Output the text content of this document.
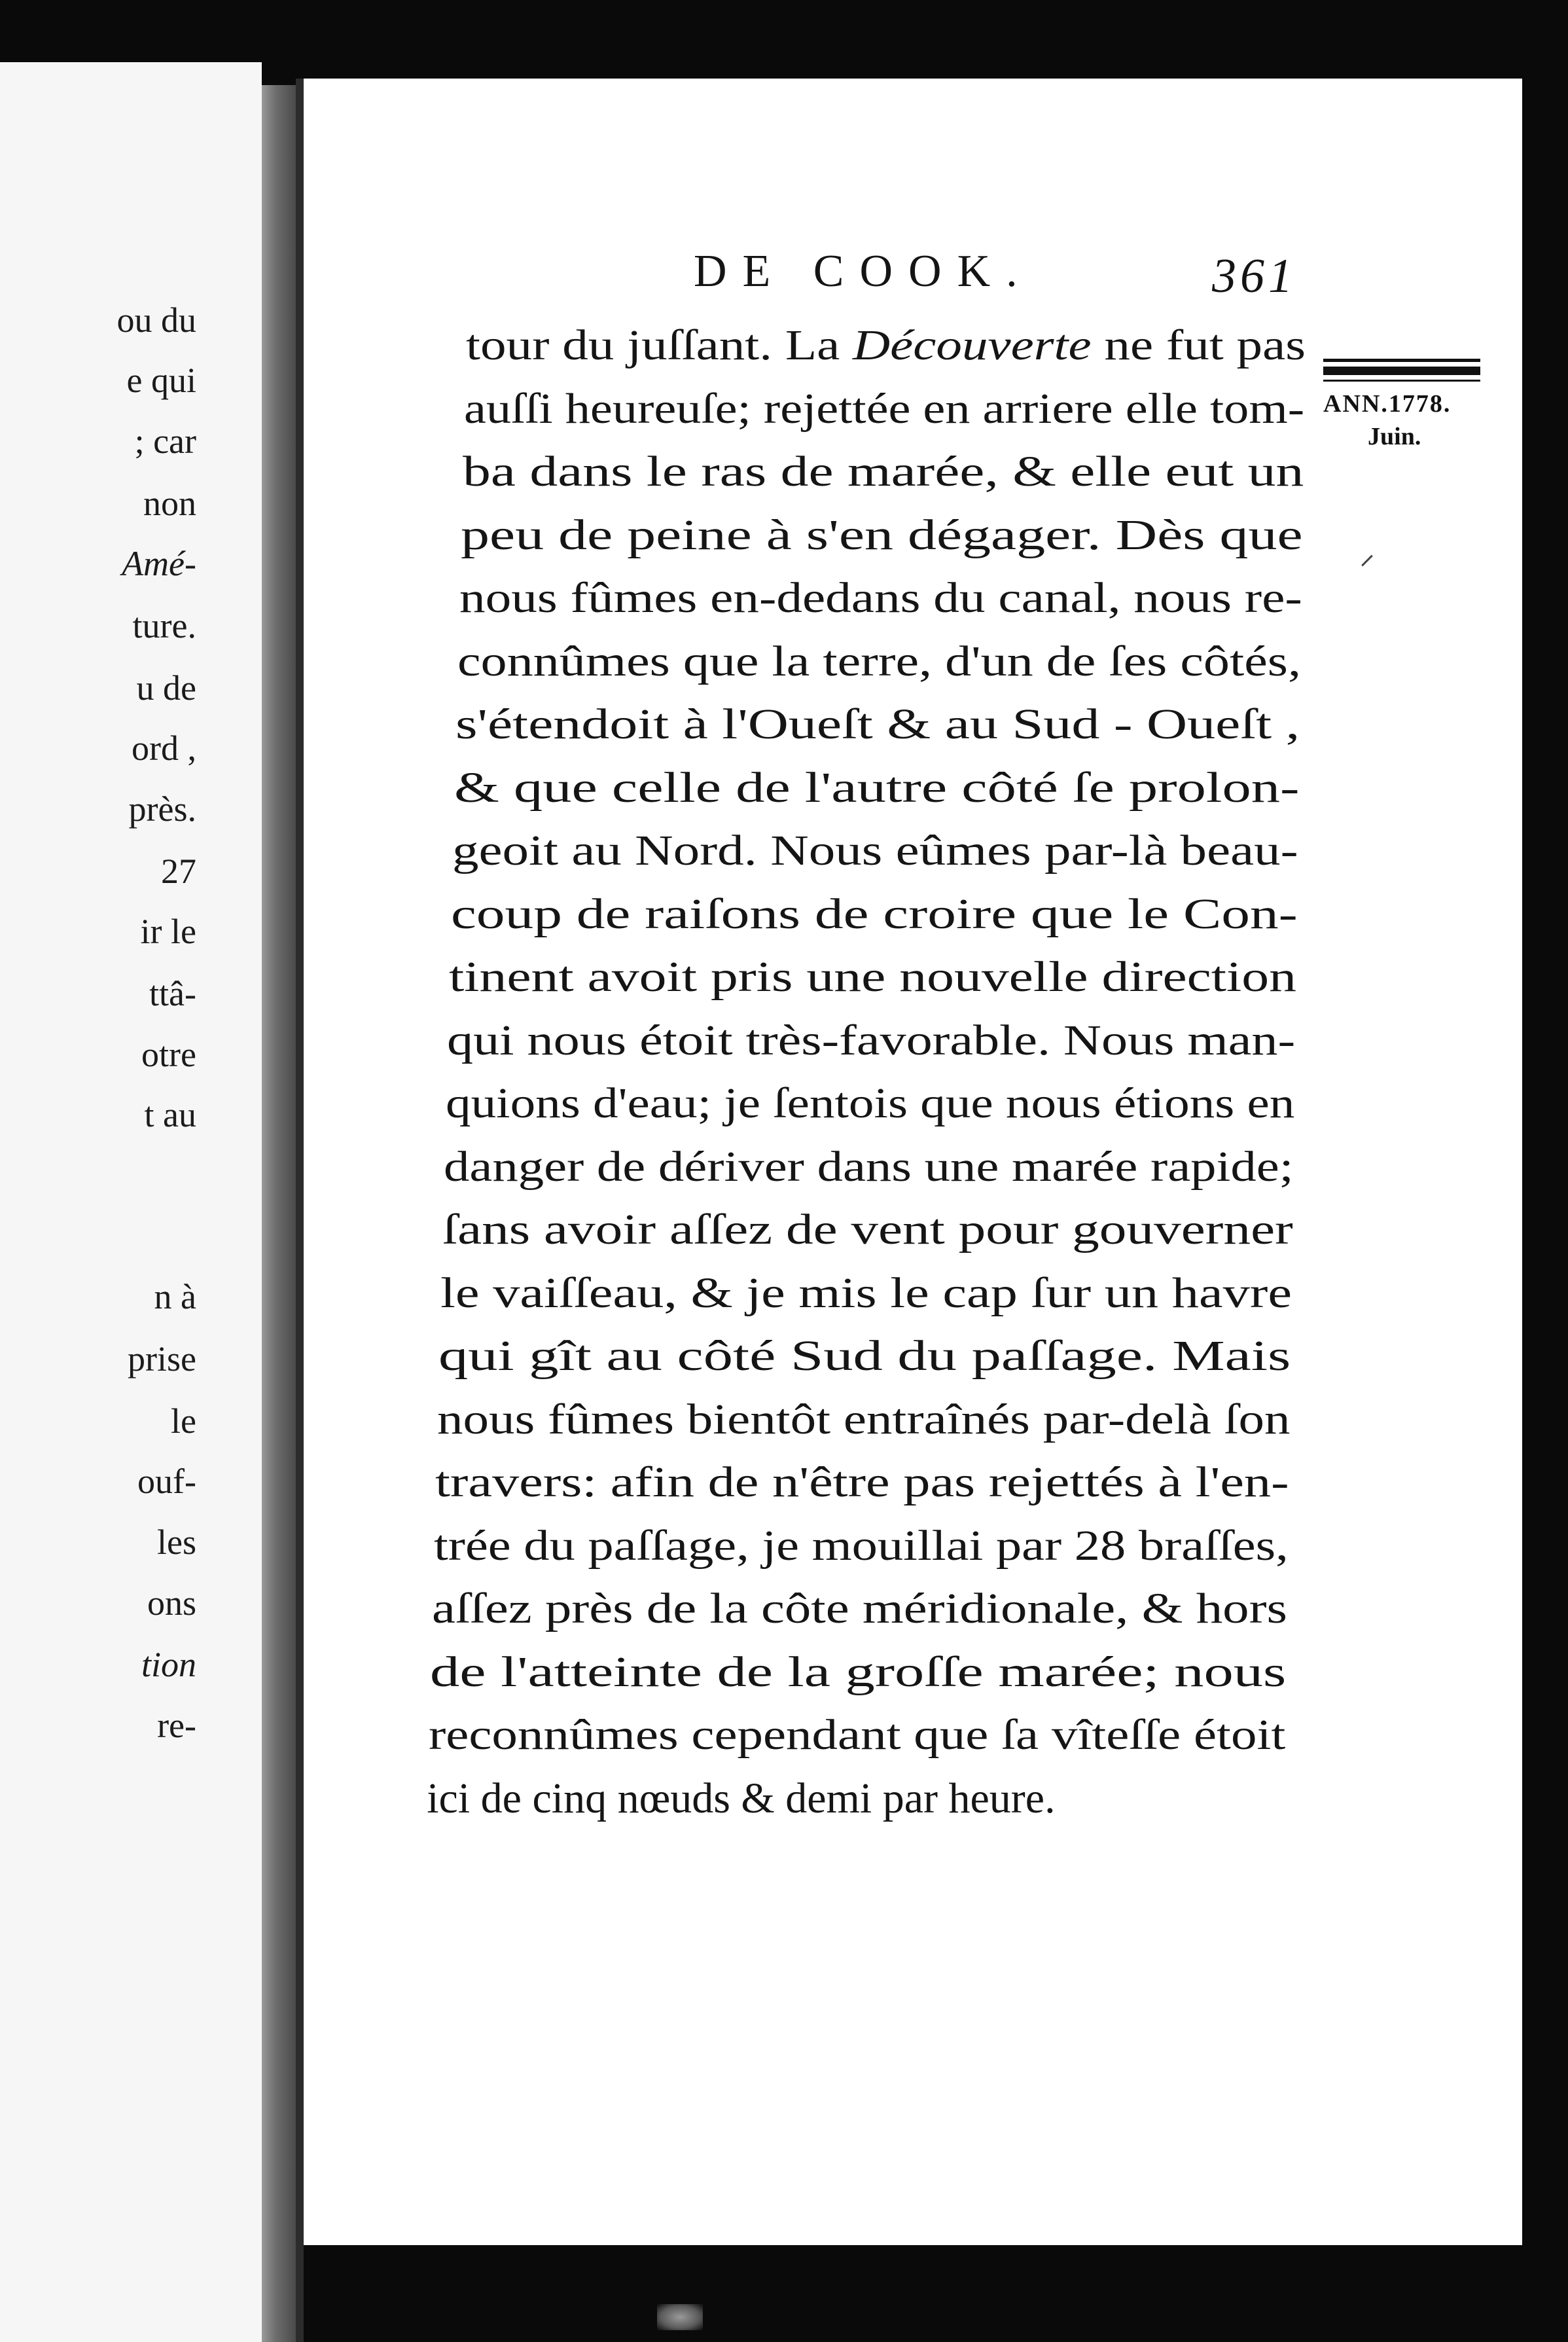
ou du
e qui
; car
non
Amé-
ture.
u de
ord ,
près.
27
ir le
ttâ-
otre
t au
n à
prise
le
ouf-
les
ons
tion
re-
DE COOK.	361
ANN.1778.
Juin.
tour du juſſant. La Découverte ne fut pas
auſſi heureuſe; rejettée en arriere elle tom-
ba dans le ras de marée, & elle eut un
peu de peine à s'en dégager. Dès que
nous fûmes en-dedans du canal, nous re-
connûmes que la terre, d'un de ſes côtés,
s'étendoit à l'Oueſt & au Sud - Oueſt ,
& que celle de l'autre côté ſe prolon-
geoit au Nord. Nous eûmes par-là beau-
coup de raiſons de croire que le Con-
tinent avoit pris une nouvelle direction
qui nous étoit très-favorable. Nous man-
quions d'eau; je ſentois que nous étions en
danger de dériver dans une marée rapide;
ſans avoir aſſez de vent pour gouverner
le vaiſſeau, & je mis le cap ſur un havre
qui gît au côté Sud du paſſage. Mais
nous fûmes bientôt entraînés par-delà ſon
travers: afin de n'être pas rejettés à l'en-
trée du paſſage, je mouillai par 28 braſſes,
aſſez près de la côte méridionale, & hors
de l'atteinte de la groſſe marée; nous
reconnûmes cependant que ſa vîteſſe étoit
ici de cinq nœuds & demi par heure.
